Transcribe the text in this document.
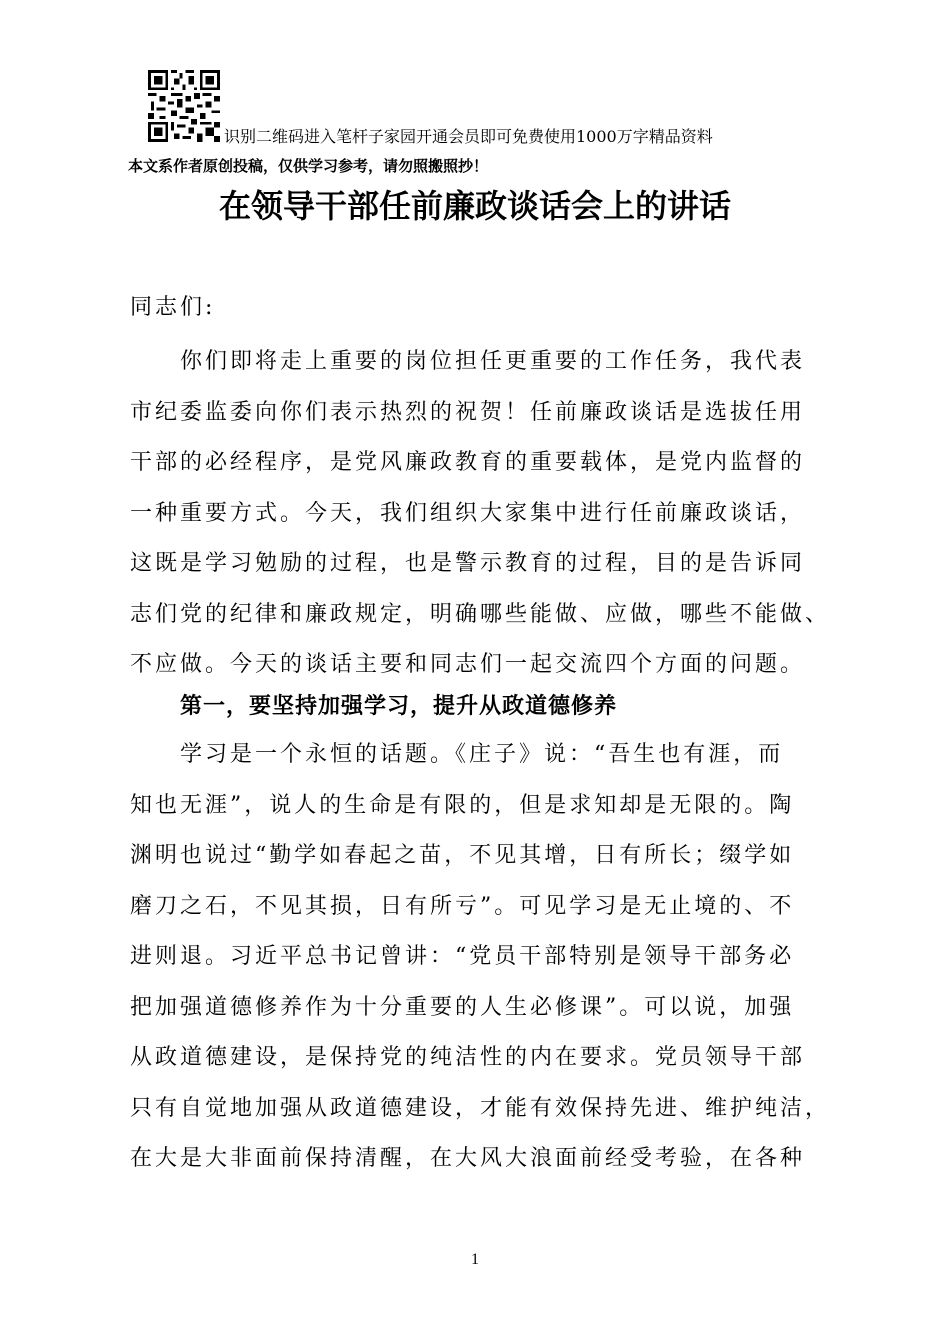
识别二维码进入笔杆子家园开通会员即可免费使用1000万字精品资料
本文系作者原创投稿，仅供学习参考，请勿照搬照抄！
在领导干部任前廉政谈话会上的讲话
同志们:
你们即将走上重要的岗位担任更重要的工作任务，我代表
市纪委监委向你们表示热烈的祝贺！任前廉政谈话是选拔任用
干部的必经程序，是党风廉政教育的重要载体，是党内监督的
一种重要方式。今天，我们组织大家集中进行任前廉政谈话，
这既是学习勉励的过程，也是警示教育的过程，目的是告诉同
志们党的纪律和廉政规定，明确哪些能做、应做，哪些不能做、
不应做。今天的谈话主要和同志们一起交流四个方面的问题。
第一，要坚持加强学习，提升从政道德修养
学习是一个永恒的话题。《庄子》说：“吾生也有涯，而
知也无涯”，说人的生命是有限的，但是求知却是无限的。陶
渊明也说过“勤学如春起之苗，不见其增，日有所长；缀学如
磨刀之石，不见其损，日有所亏”。可见学习是无止境的、不
进则退。习近平总书记曾讲：“党员干部特别是领导干部务必
把加强道德修养作为十分重要的人生必修课”。可以说，加强
从政道德建设，是保持党的纯洁性的内在要求。党员领导干部
只有自觉地加强从政道德建设，才能有效保持先进、维护纯洁，
在大是大非面前保持清醒，在大风大浪面前经受考验，在各种
1
